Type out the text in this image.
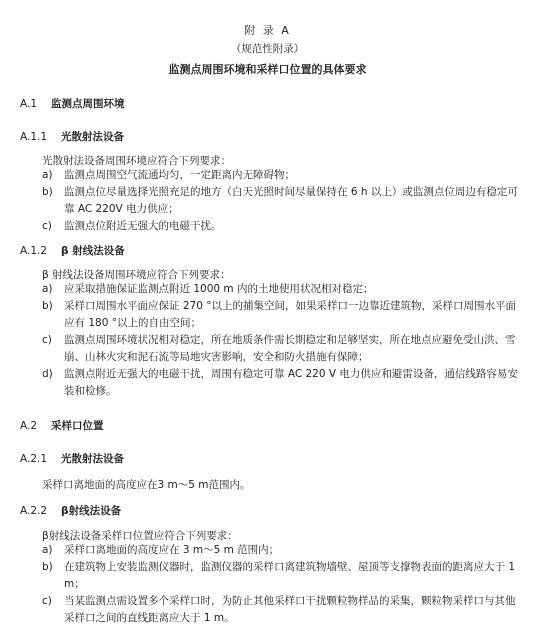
附 录 A
（规范性附录）
监测点周围环境和采样口位置的具体要求
A.1 监测点周围环境
A.1.1 光散射法设备
光散射法设备周围环境应符合下列要求：
a) 监测点周围空气流通均匀，一定距离内无障碍物；
b) 监测点位尽量选择光照充足的地方（白天光照时间尽量保持在 6 h 以上）或监测点位周边有稳定可靠 AC 220V 电力供应；
c) 监测点位附近无强大的电磁干扰。
A.1.2 β 射线法设备
β 射线法设备周围环境应符合下列要求：
a) 应采取措施保证监测点附近 1000 m 内的土地使用状况相对稳定；
b) 采样口周围水平面应保证 270 °以上的捕集空间，如果采样口一边靠近建筑物，采样口周围水平面应有 180 °以上的自由空间；
c) 监测点周围环境状况相对稳定，所在地质条件需长期稳定和足够坚实，所在地点应避免受山洪、雪崩、山林火灾和泥石流等局地灾害影响，安全和防火措施有保障；
d) 监测点附近无强大的电磁干扰，周围有稳定可靠 AC 220 V 电力供应和避雷设备，通信线路容易安装和检修。
A.2 采样口位置
A.2.1 光散射法设备
采样口离地面的高度应在3 m～5 m范围内。
A.2.2 β射线法设备
β射线法设备采样口位置应符合下列要求：
a) 采样口离地面的高度应在 3 m～5 m 范围内；
b) 在建筑物上安装监测仪器时，监测仪器的采样口离建筑物墙壁、屋顶等支撑物表面的距离应大于 1 m；
c) 当某监测点需设置多个采样口时，为防止其他采样口干扰颗粒物样品的采集，颗粒物采样口与其他采样口之间的直线距离应大于 1 m。
